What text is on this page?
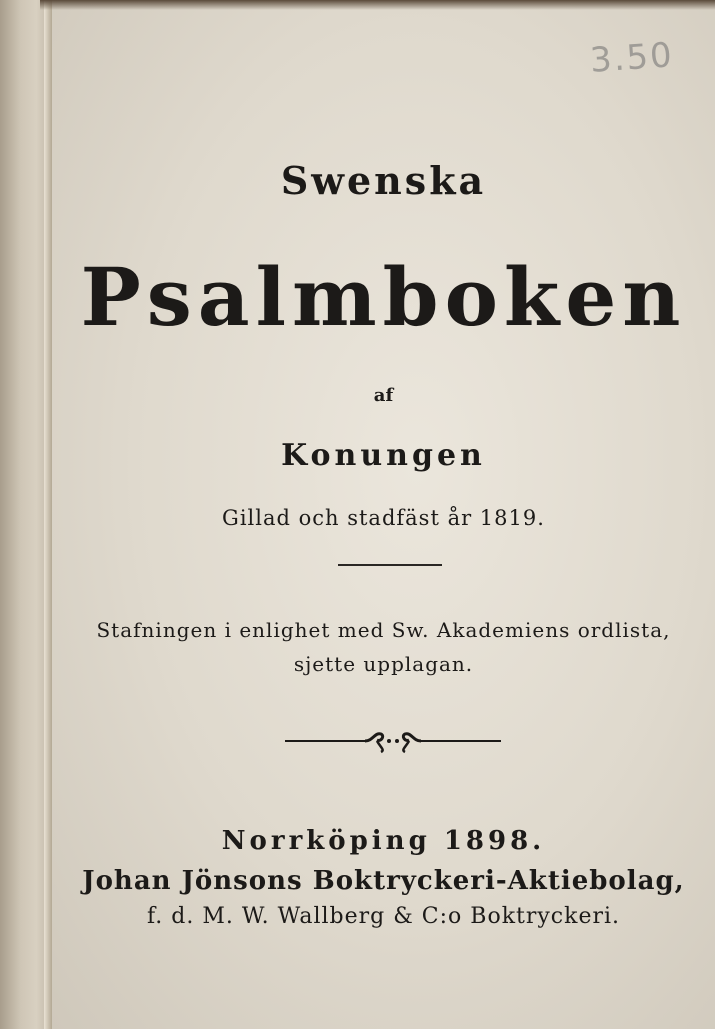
3.50
Swenska
Psalmboken
af
Konungen
Gillad och stadfäst år 1819.
Stafningen i enlighet med Sw. Akademiens ordlista,
sjette upplagan.
Norrköping 1898.
Johan Jönsons Boktryckeri-Aktiebolag,
f. d. M. W. Wallberg & C:o Boktryckeri.
